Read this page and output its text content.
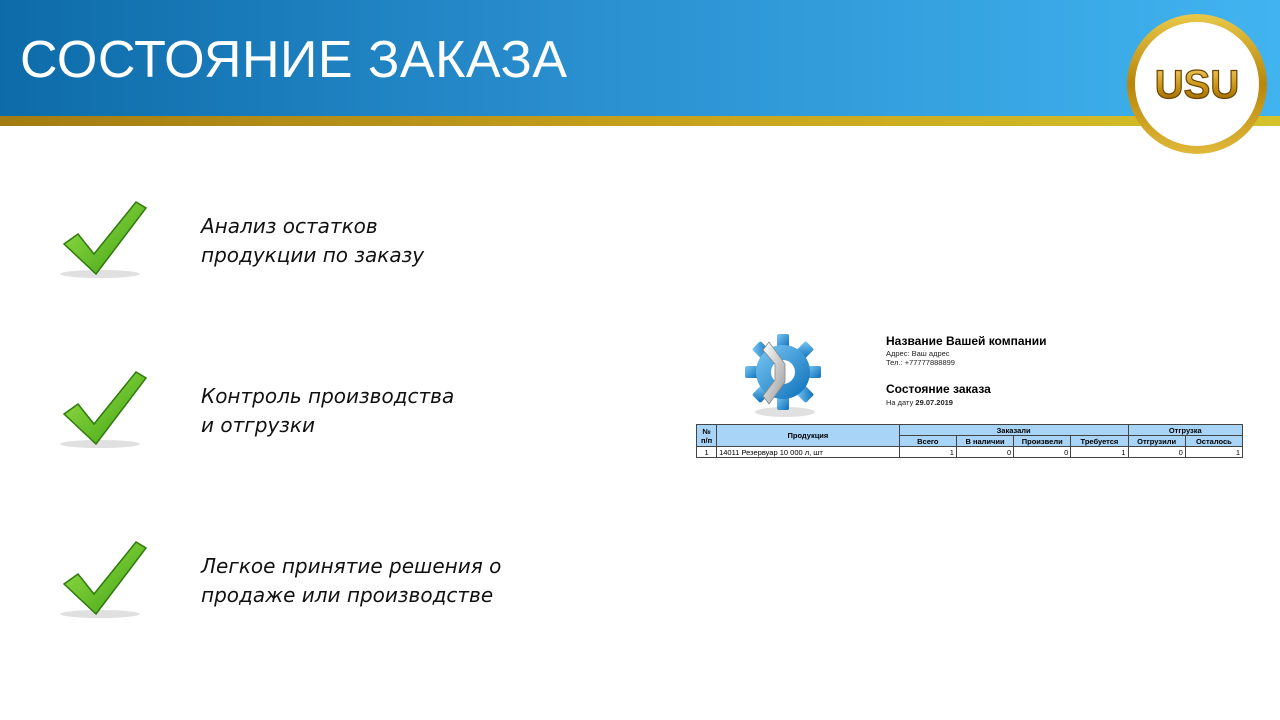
СОСТОЯНИЕ ЗАКАЗА	USU
Анализ остатков
продукции по заказу
Контроль производства
и отгрузки
Легкое принятие решения о
продаже или производстве
Название Вашей компании
Адрес: Ваш адрес
Тел.: +77777888899
Состояние заказа
На дату 29.07.2019
№ п/п	Продукция	Заказали				Отгрузка	
		Всего	В наличии	Произвели	Требуется	Отгрузили	Осталось
1	14011 Резервуар 10 000 л, шт	1	0	0	1	0	1
